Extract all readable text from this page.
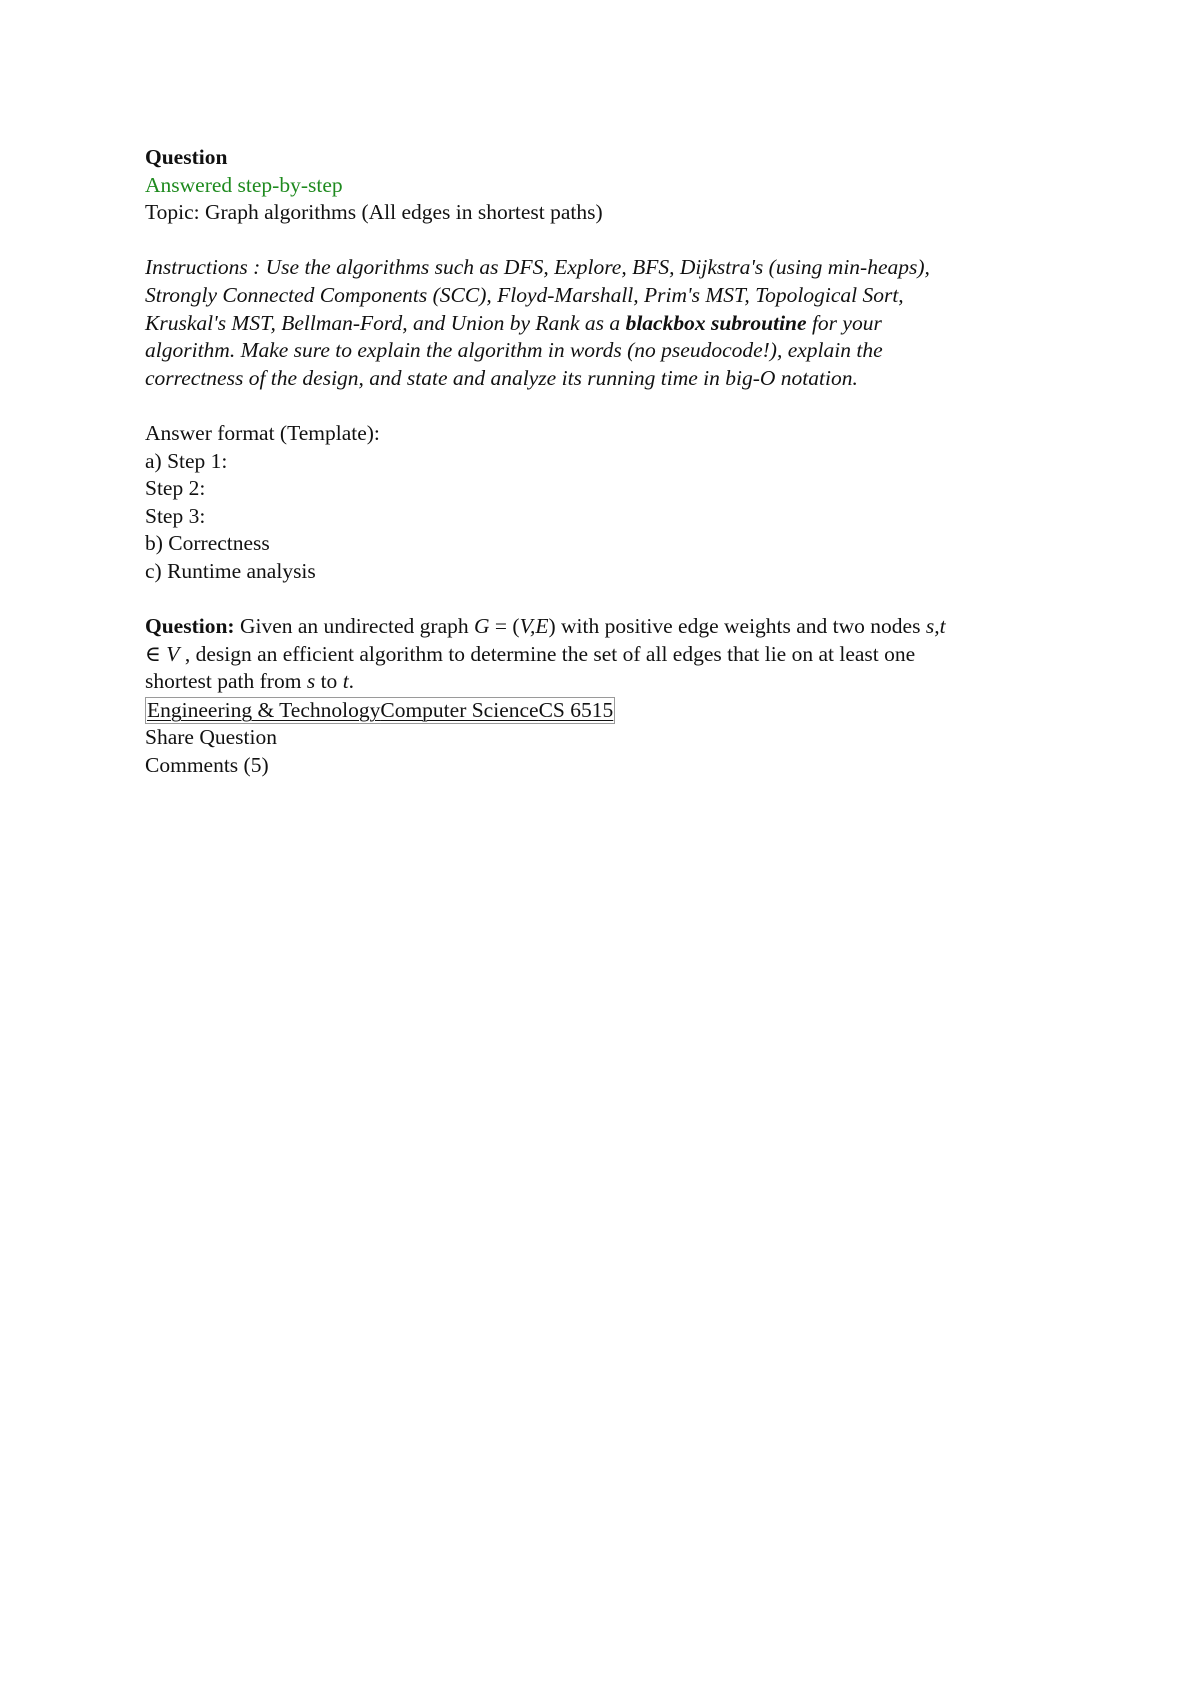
Question
Answered step-by-step
Topic: Graph algorithms (All edges in shortest paths)
Instructions : Use the algorithms such as DFS, Explore, BFS, Dijkstra's (using min-heaps),
Strongly Connected Components (SCC), Floyd-Marshall, Prim's MST, Topological Sort,
Kruskal's MST, Bellman-Ford, and Union by Rank as a blackbox subroutine for your
algorithm. Make sure to explain the algorithm in words (no pseudocode!), explain the
correctness of the design, and state and analyze its running time in big-O notation.
Answer format (Template):
a) Step 1:
Step 2:
Step 3:
b) Correctness
c) Runtime analysis
Question: Given an undirected graph G = (V,E) with positive edge weights and two nodes s,t
∈ V , design an efficient algorithm to determine the set of all edges that lie on at least one
shortest path from s to t.
Engineering & TechnologyComputer ScienceCS 6515
Share Question
Comments (5)
